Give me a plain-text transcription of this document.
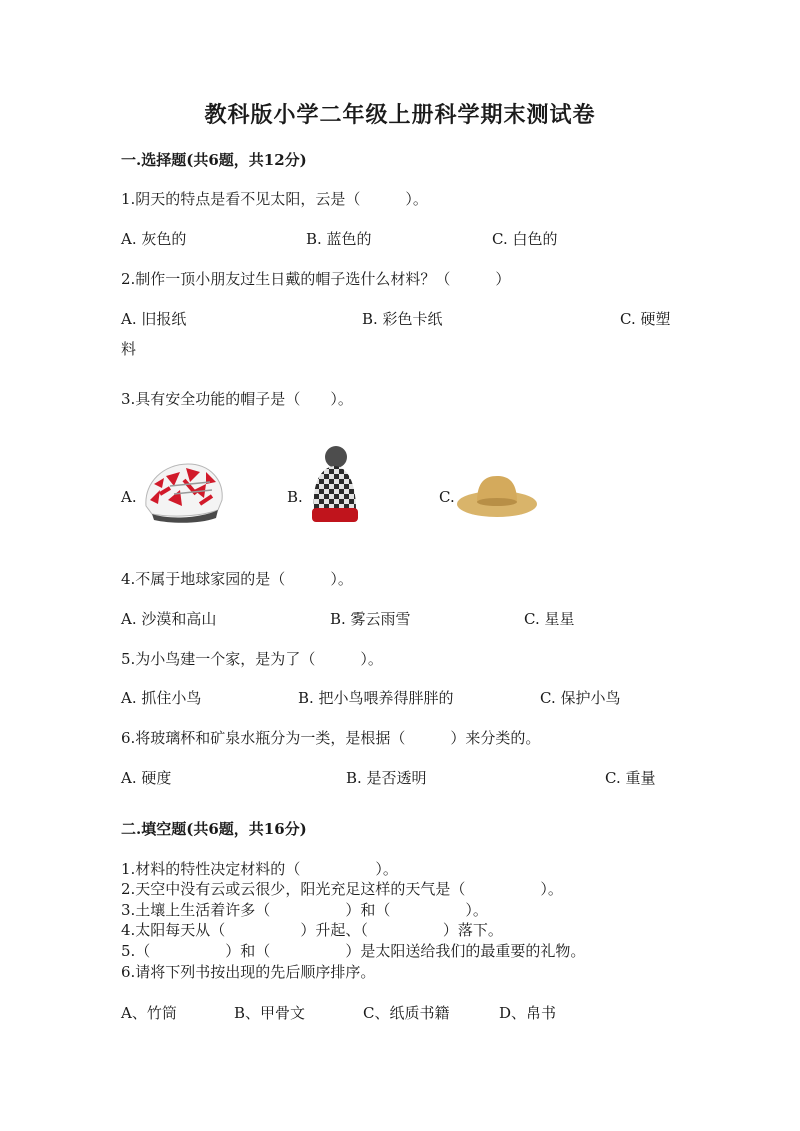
教科版小学二年级上册科学期末测试卷
一.选择题(共6题，共12分)
1.阴天的特点是看不见太阳，云是（　　　）。
A. 灰色的	B. 蓝色的	C. 白色的
2.制作一顶小朋友过生日戴的帽子选什么材料？（　　　）
A. 旧报纸	B. 彩色卡纸	C. 硬塑
料
3.具有安全功能的帽子是（　　）。
A.	B.	C.
4.不属于地球家园的是（　　　）。
A. 沙漠和高山	B. 雾云雨雪	C. 星星
5.为小鸟建一个家，是为了（　　　）。
A. 抓住小鸟	B. 把小鸟喂养得胖胖的	C. 保护小鸟
6.将玻璃杯和矿泉水瓶分为一类，是根据（　　　）来分类的。
A. 硬度	B. 是否透明	C. 重量
二.填空题(共6题，共16分)
1.材料的特性决定材料的（　　　　　）。
2.天空中没有云或云很少，阳光充足这样的天气是（　　　　　）。
3.土壤上生活着许多（　　　　　）和（　　　　　）。
4.太阳每天从（　　　　　）升起、（　　　　　）落下。
5.（　　　　　）和（　　　　　）是太阳送给我们的最重要的礼物。
6.请将下列书按出现的先后顺序排序。
A、竹筒	B、甲骨文	C、纸质书籍	D、帛书
